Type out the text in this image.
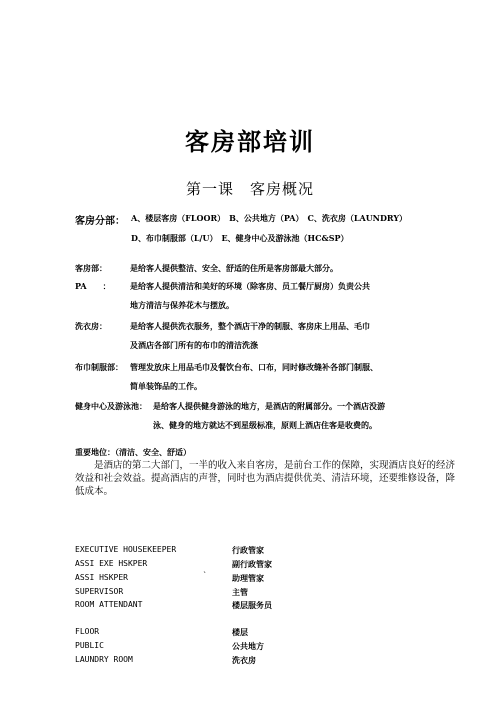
客房部培训
第一课　客房概况
客房分部： A、楼层客房（FLOOR）　B、公共地方（PA）　C、洗衣房（LAUNDRY）
D、布巾制服部（L/U）　E、健身中心及游泳池（HC&SP）
客房部：	是给客人提供整洁、安全、舒适的住所是客房部最大部分。
PA　　： 是给客人提供清洁和美好的环境（除客房、员工餐厅厨房）负责公共
地方清洁与保养花木与摆放。
洗衣房：	是给客人提供洗衣服务，整个酒店干净的制服、客房床上用品、毛巾
及酒店各部门所有的布巾的清洁洗涤
布巾制服部： 管理发放床上用品毛巾及餐饮台布、口布，同时修改缝补各部门制服、
简单装饰品的工作。
健身中心及游泳池： 是给客人提供健身游泳的地方，是酒店的附属部分。一个酒店没游
泳、健身的地方就达不到星级标准，原则上酒店住客是收费的。
重要地位：（清洁、安全、舒适）
是酒店的第二大部门，一半的收入来自客房，是前台工作的保障，实现酒店良好的经济效益和社会效益。提高酒店的声誉，同时也为酒店提供优美、清洁环境，还要维修设备，降低成本。
EXECUTIVE HOUSEKEEPER	行政管家
ASSI EXE HSKPER	副行政管家
ASSI HSKPER	助理管家
`
SUPERVISOR	主管
ROOM ATTENDANT	楼层服务员
FLOOR	楼层
PUBLIC	公共地方
LAUNDRY ROOM	洗衣房
